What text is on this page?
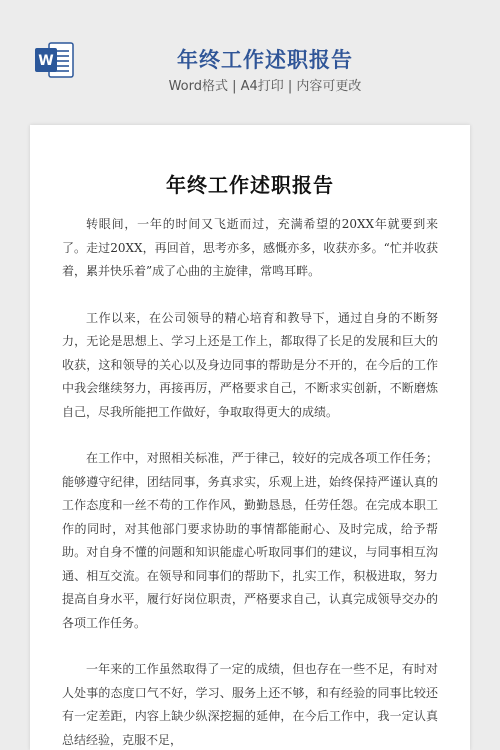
W	年终工作述职报告
Word格式 | A4打印 | 内容可更改
年终工作述职报告

转眼间，一年的时间又飞逝而过，充满希望的20XX年就要到来了。走过20XX，再回首，思考亦多，感慨亦多，收获亦多。“忙并收获着，累并快乐着”成了心曲的主旋律，常鸣耳畔。

工作以来，在公司领导的精心培育和教导下，通过自身的不断努力，无论是思想上、学习上还是工作上，都取得了长足的发展和巨大的收获，这和领导的关心以及身边同事的帮助是分不开的，在今后的工作中我会继续努力，再接再厉，严格要求自己，不断求实创新，不断磨炼自己，尽我所能把工作做好，争取取得更大的成绩。

在工作中，对照相关标准，严于律己，较好的完成各项工作任务；能够遵守纪律，团结同事，务真求实，乐观上进，始终保持严谨认真的工作态度和一丝不苟的工作作风，勤勤恳恳，任劳任怨。在完成本职工作的同时，对其他部门要求协助的事情都能耐心、及时完成，给予帮助。对自身不懂的问题和知识能虚心听取同事们的建议，与同事相互沟通、相互交流。在领导和同事们的帮助下，扎实工作，积极进取，努力提高自身水平，履行好岗位职责，严格要求自己，认真完成领导交办的各项工作任务。

一年来的工作虽然取得了一定的成绩，但也存在一些不足，有时对人处事的态度口气不好，学习、服务上还不够，和有经验的同事比较还有一定差距，内容上缺少纵深挖掘的延伸，在今后工作中，我一定认真总结经验，克服不足，
